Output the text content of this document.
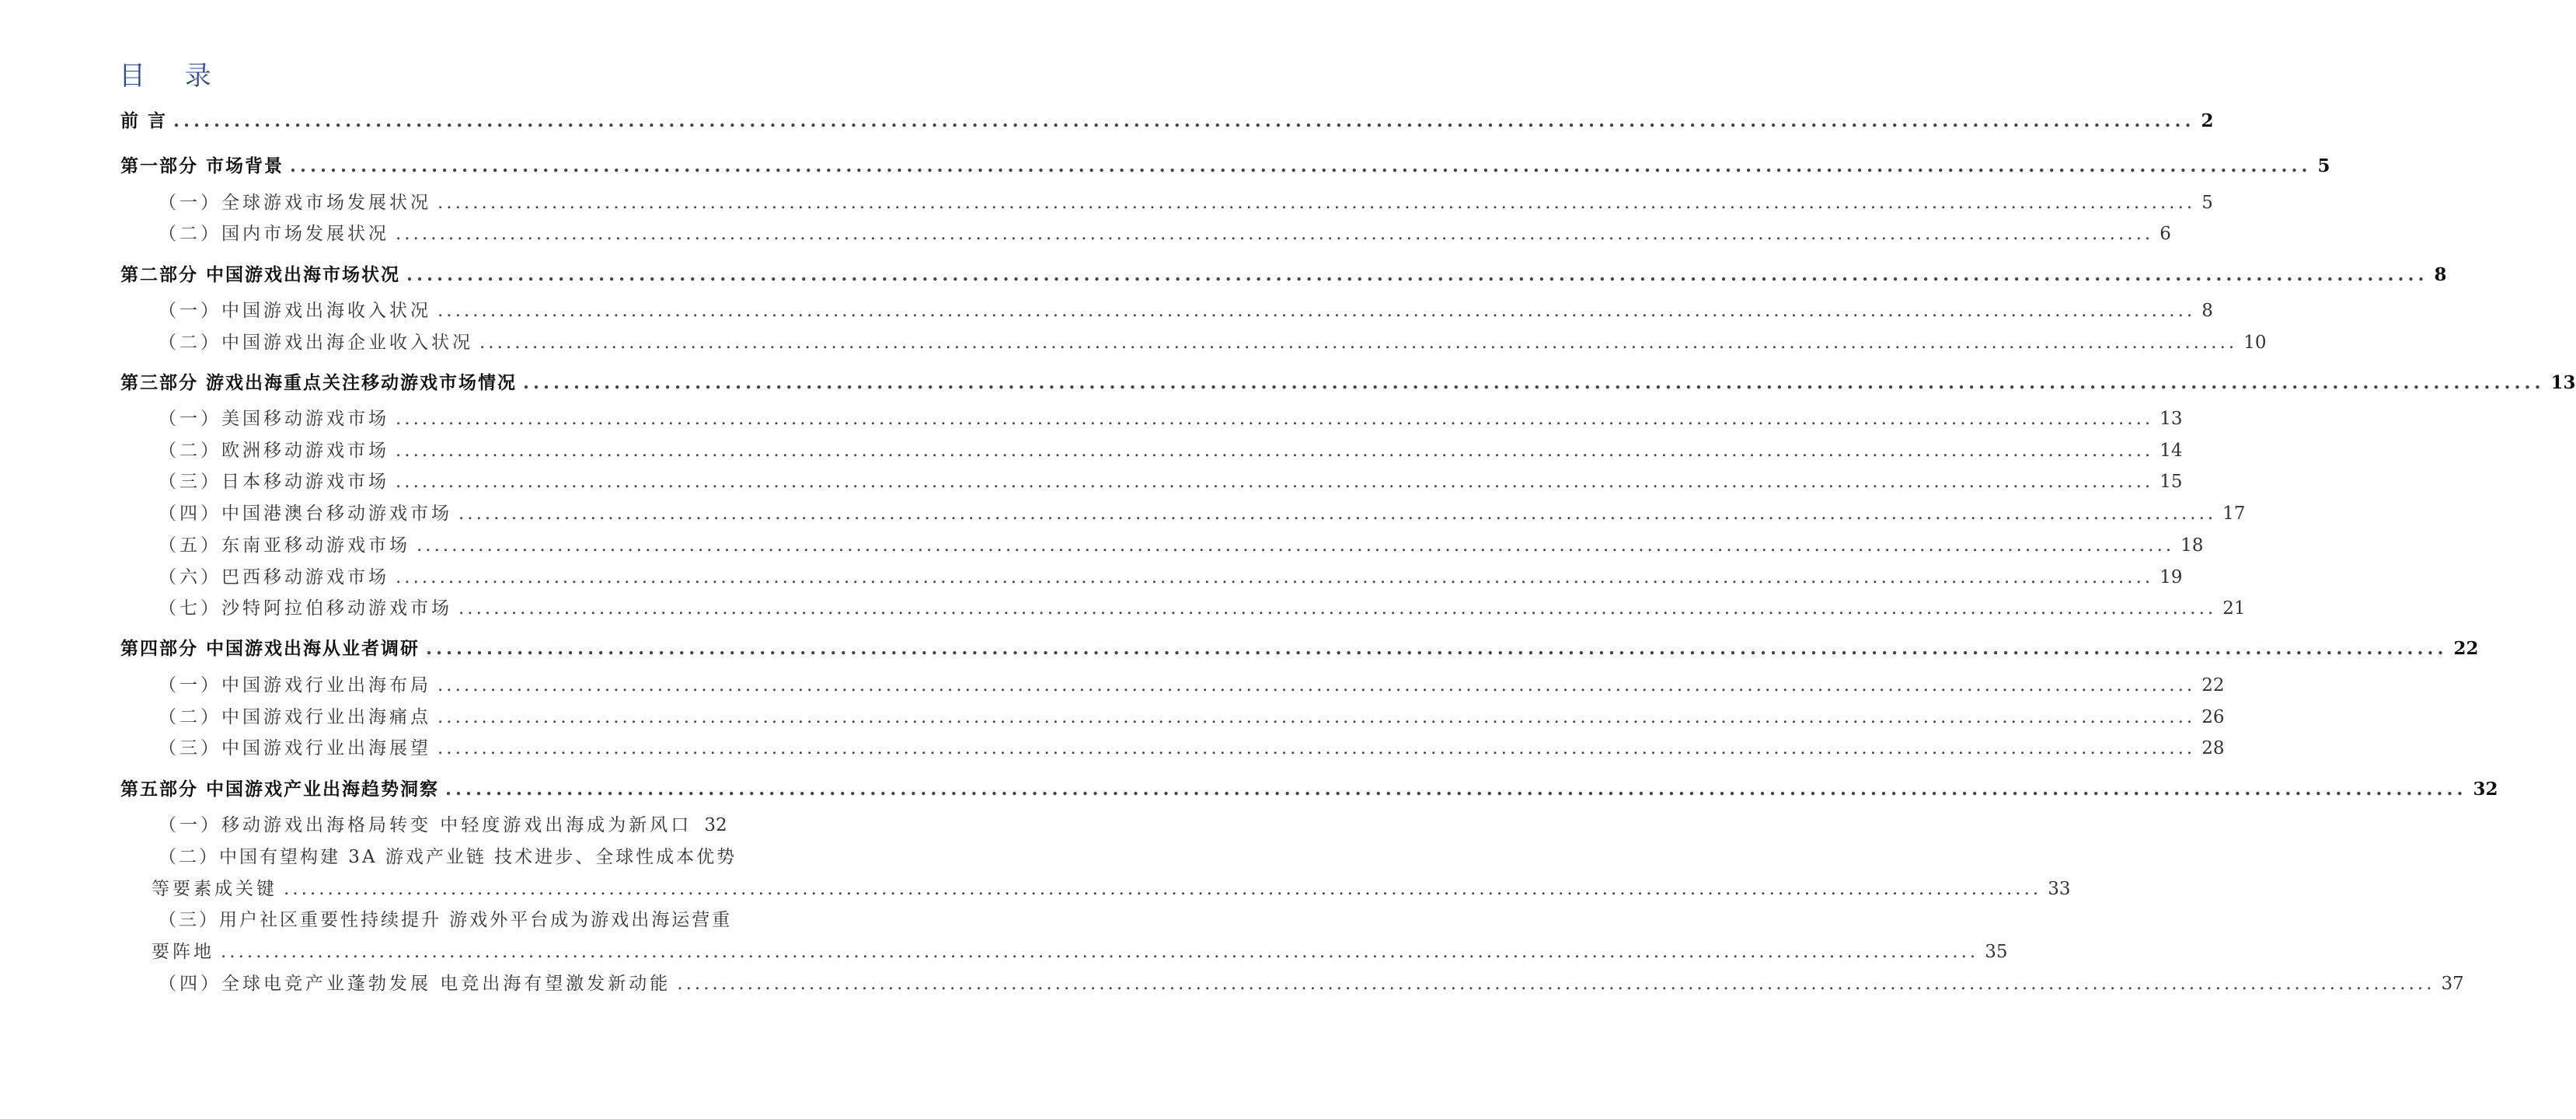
目 录
前 言 ........................................................................................................................................................................................................ 2
第一部分 市场背景 ........................................................................................................................................................................................................ 5
（一）全球游戏市场发展状况 ........................................................................................................................................................................................................ 5
（二）国内市场发展状况 ........................................................................................................................................................................................................ 6
第二部分 中国游戏出海市场状况 ........................................................................................................................................................................................................ 8
（一）中国游戏出海收入状况 ........................................................................................................................................................................................................ 8
（二）中国游戏出海企业收入状况 ........................................................................................................................................................................................................ 10
第三部分 游戏出海重点关注移动游戏市场情况 ........................................................................................................................................................................................................ 13
（一）美国移动游戏市场 ........................................................................................................................................................................................................ 13
（二）欧洲移动游戏市场 ........................................................................................................................................................................................................ 14
（三）日本移动游戏市场 ........................................................................................................................................................................................................ 15
（四）中国港澳台移动游戏市场 ........................................................................................................................................................................................................ 17
（五）东南亚移动游戏市场 ........................................................................................................................................................................................................ 18
（六）巴西移动游戏市场 ........................................................................................................................................................................................................ 19
（七）沙特阿拉伯移动游戏市场 ........................................................................................................................................................................................................ 21
第四部分 中国游戏出海从业者调研 ........................................................................................................................................................................................................ 22
（一）中国游戏行业出海布局 ........................................................................................................................................................................................................ 22
（二）中国游戏行业出海痛点 ........................................................................................................................................................................................................ 26
（三）中国游戏行业出海展望 ........................................................................................................................................................................................................ 28
第五部分 中国游戏产业出海趋势洞察 ........................................................................................................................................................................................................ 32
（一）移动游戏出海格局转变 中轻度游戏出海成为新风口 32
（二）中国有望构建 3A 游戏产业链 技术进步、全球性成本优势
等要素成关键 ........................................................................................................................................................................................................ 33
（三）用户社区重要性持续提升 游戏外平台成为游戏出海运营重
要阵地 ........................................................................................................................................................................................................ 35
（四）全球电竞产业蓬勃发展 电竞出海有望激发新动能 ........................................................................................................................................................................................................ 37
